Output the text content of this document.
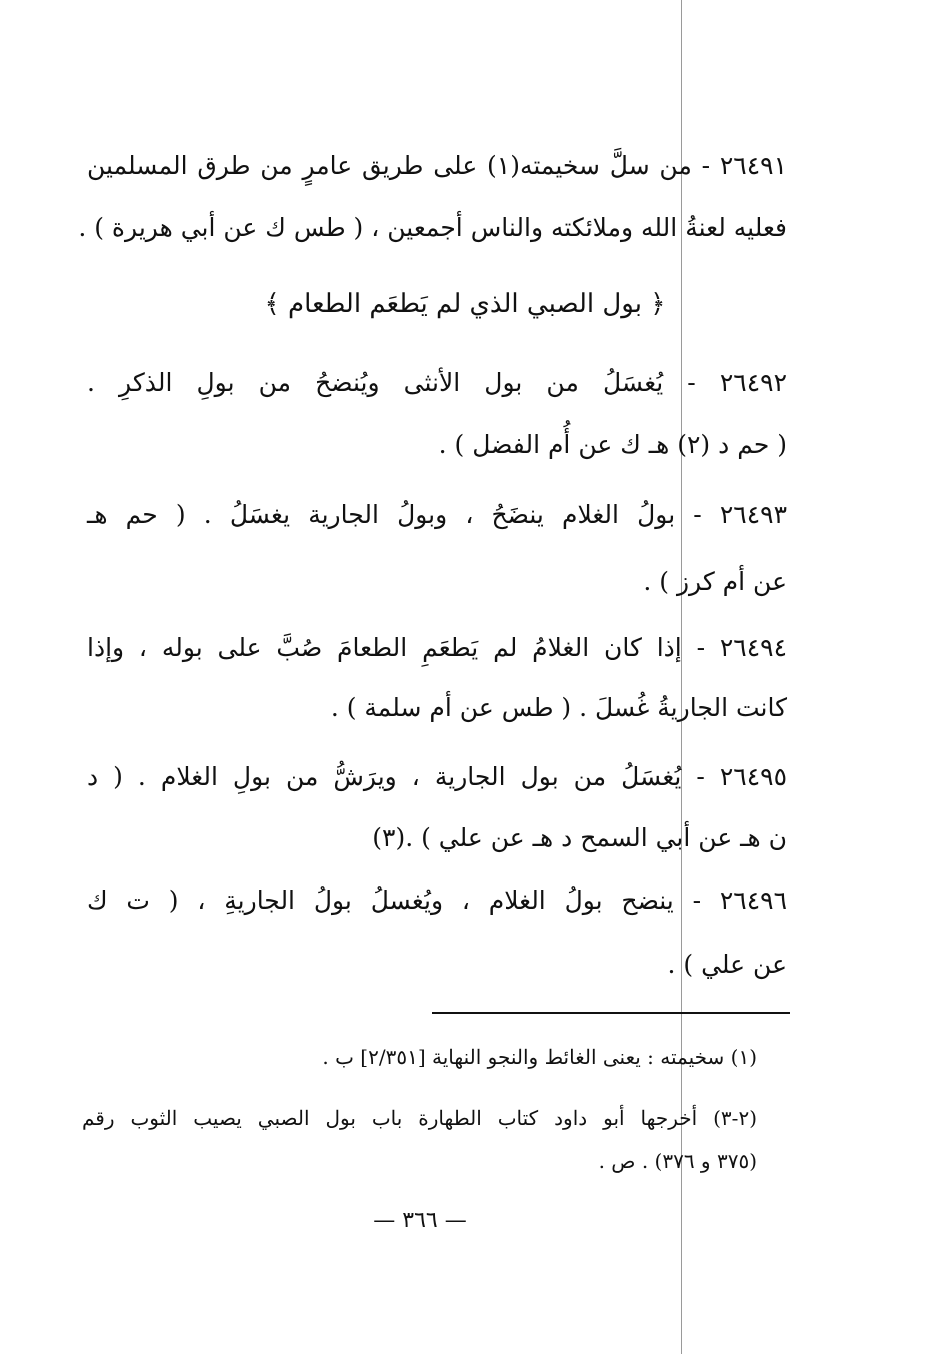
٢٦٤٩١ - من سلَّ سخيمته(١) على طريق عامرٍ من طرق المسلمين
فعليه لعنةُ الله وملائكته والناس أجمعين ، ( طس ك عن أبي هريرة ) .
﴿ بول الصبي الذي لم يَطعَم الطعام ﴾
٢٦٤٩٢ - يُغسَلُ من بول الأنثى ويُنضحُ من بولِ الذكرِ .
( حم د (٢) هـ ك عن أُم الفضل ) .
٢٦٤٩٣ - بولُ الغلام ينضَحُ ، وبولُ الجارية يغسَلُ . ( حم هـ
عن أم كرز ) .
٢٦٤٩٤ - إذا كان الغلامُ لم يَطعَمِ الطعامَ صُبَّ على بوله ، وإذا
كانت الجاريةُ غُسلَ . ( طس عن أم سلمة ) .
٢٦٤٩٥ - يُغسَلُ من بول الجارية ، ويرَشُّ من بولِ الغلام . ( د
ن هـ عن أبي السمح د هـ عن علي ) .(٣)
٢٦٤٩٦ - ينضح بولُ الغلام ، ويُغسلُ بولُ الجاريةِ ، ( ت ك
عن علي ) .
(١) سخيمته : يعنى الغائط والنجو النهاية [٢/٣٥١] ب .
(٢-٣) أخرجها أبو داود كتاب الطهارة باب بول الصبي يصيب الثوب رقم
(٣٧٥ و ٣٧٦) . ص .
— ٣٦٦ —
